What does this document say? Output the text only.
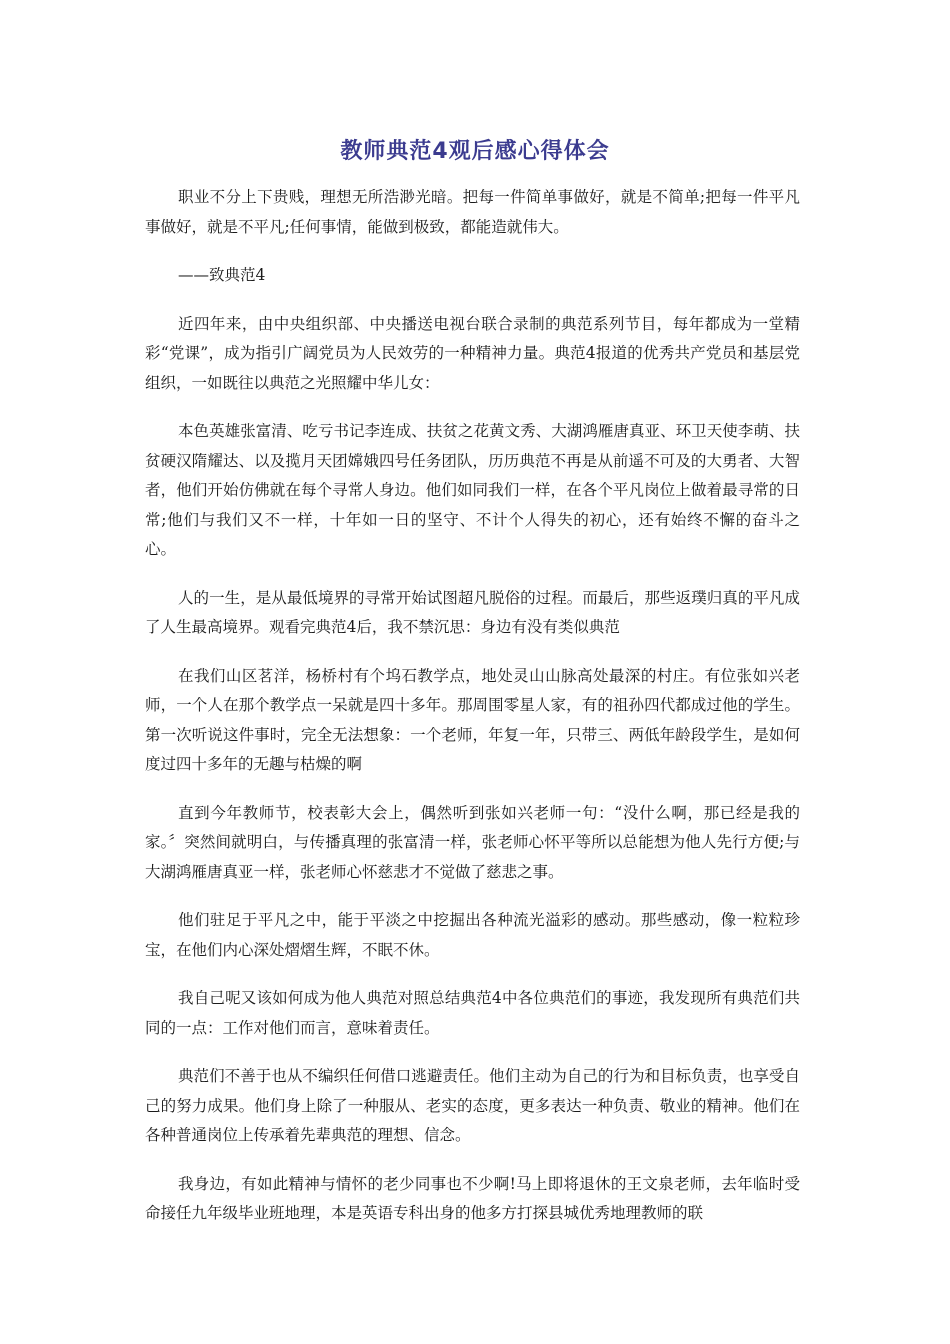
教师典范4观后感心得体会

职业不分上下贵贱，理想无所浩渺光暗。把每一件简单事做好，就是不简单;把每一件平凡事做好，就是不平凡;任何事情，能做到极致，都能造就伟大。

——致典范4

近四年来，由中央组织部、中央播送电视台联合录制的典范系列节目，每年都成为一堂精彩“党课”，成为指引广阔党员为人民效劳的一种精神力量。典范4报道的优秀共产党员和基层党组织，一如既往以典范之光照耀中华儿女：

本色英雄张富清、吃亏书记李连成、扶贫之花黄文秀、大湖鸿雁唐真亚、环卫天使李萌、扶贫硬汉隋耀达、以及揽月天团嫦娥四号任务团队，历历典范不再是从前遥不可及的大勇者、大智者，他们开始仿佛就在每个寻常人身边。他们如同我们一样，在各个平凡岗位上做着最寻常的日常;他们与我们又不一样，十年如一日的坚守、不计个人得失的初心，还有始终不懈的奋斗之心。

人的一生，是从最低境界的寻常开始试图超凡脱俗的过程。而最后，那些返璞归真的平凡成了人生最高境界。观看完典范4后，我不禁沉思：身边有没有类似典范

在我们山区茗洋，杨桥村有个坞石教学点，地处灵山山脉高处最深的村庄。有位张如兴老师，一个人在那个教学点一呆就是四十多年。那周围零星人家，有的祖孙四代都成过他的学生。第一次听说这件事时，完全无法想象：一个老师，年复一年，只带三、两低年龄段学生，是如何度过四十多年的无趣与枯燥的啊

直到今年教师节，校表彰大会上，偶然听到张如兴老师一句：“没什么啊，那已经是我的家。〞突然间就明白，与传播真理的张富清一样，张老师心怀平等所以总能想为他人先行方便;与大湖鸿雁唐真亚一样，张老师心怀慈悲才不觉做了慈悲之事。

他们驻足于平凡之中，能于平淡之中挖掘出各种流光溢彩的感动。那些感动，像一粒粒珍宝，在他们内心深处熠熠生辉，不眠不休。

我自己呢又该如何成为他人典范对照总结典范4中各位典范们的事迹，我发现所有典范们共同的一点：工作对他们而言，意味着责任。

典范们不善于也从不编织任何借口逃避责任。他们主动为自己的行为和目标负责，也享受自己的努力成果。他们身上除了一种服从、老实的态度，更多表达一种负责、敬业的精神。他们在各种普通岗位上传承着先辈典范的理想、信念。

我身边，有如此精神与情怀的老少同事也不少啊!马上即将退休的王文泉老师，去年临时受命接任九年级毕业班地理，本是英语专科出身的他多方打探县城优秀地理教师的联
